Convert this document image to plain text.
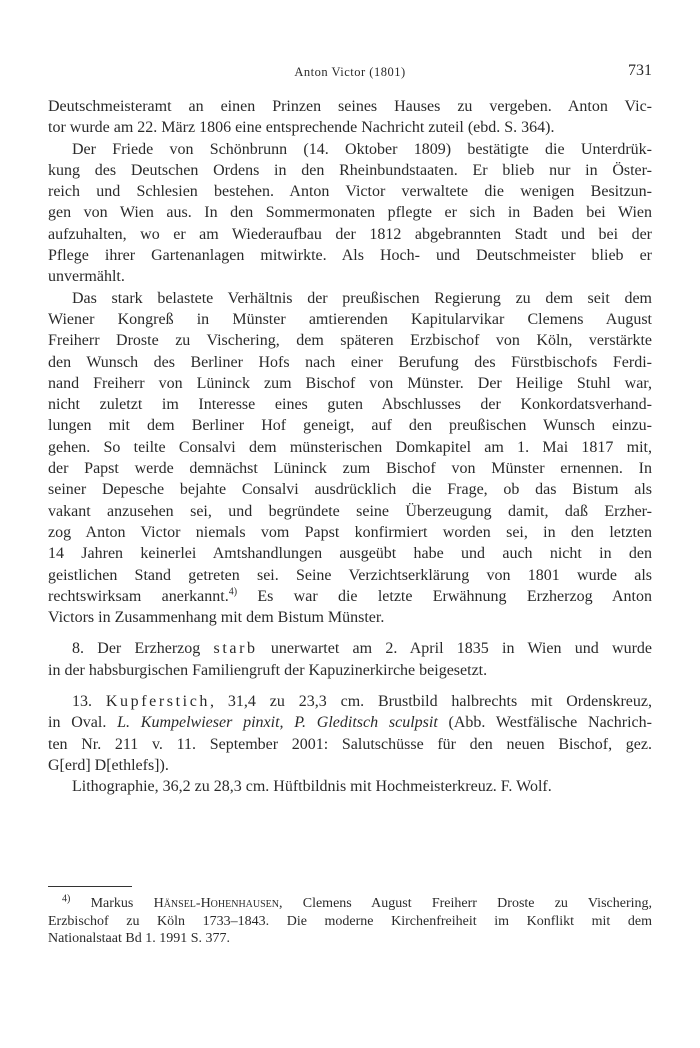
Anton Victor (1801)	731
Deutschmeisteramt an einen Prinzen seines Hauses zu vergeben. Anton Vic-
tor wurde am 22. März 1806 eine entsprechende Nachricht zuteil (ebd. S. 364).
Der Friede von Schönbrunn (14. Oktober 1809) bestätigte die Unterdrük-
kung des Deutschen Ordens in den Rheinbundstaaten. Er blieb nur in Öster-
reich und Schlesien bestehen. Anton Victor verwaltete die wenigen Besitzun-
gen von Wien aus. In den Sommermonaten pflegte er sich in Baden bei Wien
aufzuhalten, wo er am Wiederaufbau der 1812 abgebrannten Stadt und bei der
Pflege ihrer Gartenanlagen mitwirkte. Als Hoch- und Deutschmeister blieb er
unvermählt.
Das stark belastete Verhältnis der preußischen Regierung zu dem seit dem
Wiener Kongreß in Münster amtierenden Kapitularvikar Clemens August
Freiherr Droste zu Vischering, dem späteren Erzbischof von Köln, verstärkte
den Wunsch des Berliner Hofs nach einer Berufung des Fürstbischofs Ferdi-
nand Freiherr von Lüninck zum Bischof von Münster. Der Heilige Stuhl war,
nicht zuletzt im Interesse eines guten Abschlusses der Konkordatsverhand-
lungen mit dem Berliner Hof geneigt, auf den preußischen Wunsch einzu-
gehen. So teilte Consalvi dem münsterischen Domkapitel am 1. Mai 1817 mit,
der Papst werde demnächst Lüninck zum Bischof von Münster ernennen. In
seiner Depesche bejahte Consalvi ausdrücklich die Frage, ob das Bistum als
vakant anzusehen sei, und begründete seine Überzeugung damit, daß Erzher-
zog Anton Victor niemals vom Papst konfirmiert worden sei, in den letzten
14 Jahren keinerlei Amtshandlungen ausgeübt habe und auch nicht in den
geistlichen Stand getreten sei. Seine Verzichtserklärung von 1801 wurde als
rechtswirksam anerkannt.$^{4)}$ Es war die letzte Erwähnung Erzherzog Anton
Victors in Zusammenhang mit dem Bistum Münster.
8. Der Erzherzog starb unerwartet am 2. April 1835 in Wien und wurde
in der habsburgischen Familiengruft der Kapuzinerkirche beigesetzt.
13. Kupferstich, 31,4 zu 23,3 cm. Brustbild halbrechts mit Ordenskreuz,
in Oval. L. Kumpelwieser pinxit, P. Gleditsch sculpsit (Abb. Westfälische Nachrich-
ten Nr. 211 v. 11. September 2001: Salutschüsse für den neuen Bischof, gez.
G[erd] D[ethlefs]).
Lithographie, 36,2 zu 28,3 cm. Hüftbildnis mit Hochmeisterkreuz. F. Wolf.
$^{4)}$ Markus Hänsel-Hohenhausen, Clemens August Freiherr Droste zu Vischering,
Erzbischof zu Köln 1733–1843. Die moderne Kirchenfreiheit im Konflikt mit dem
Nationalstaat Bd 1. 1991 S. 377.
